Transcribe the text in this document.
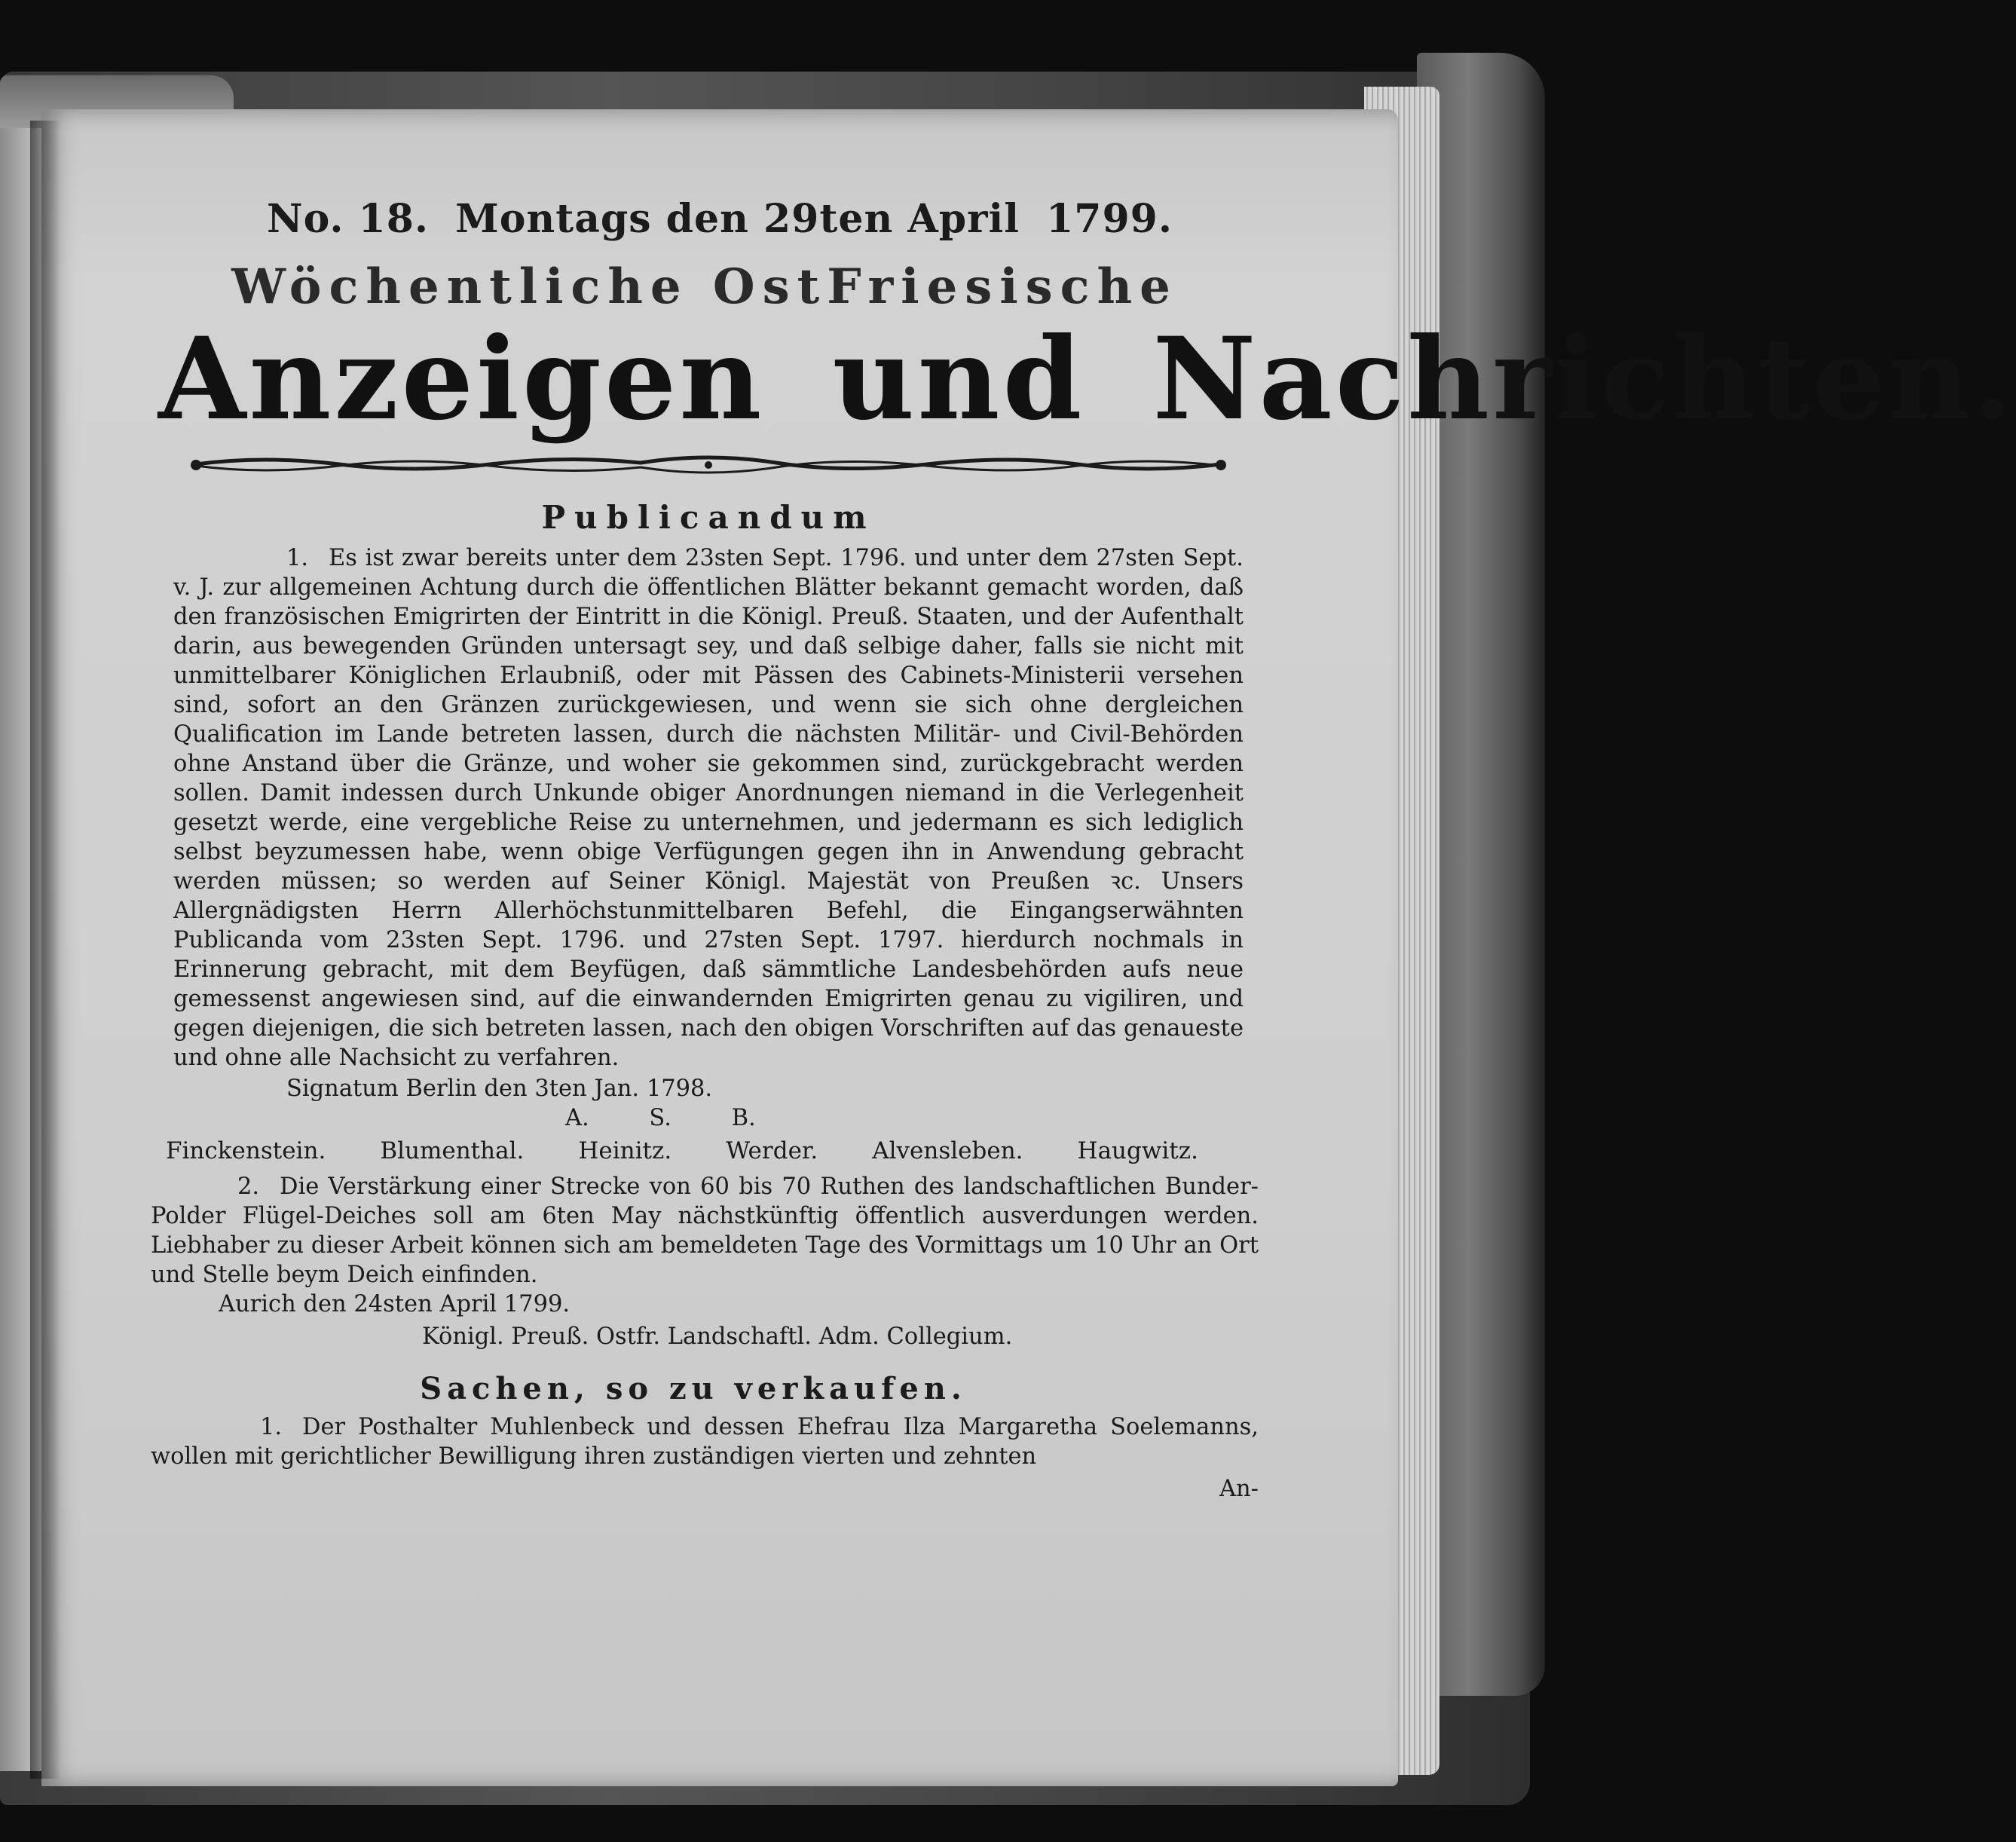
No. 18. Montags den 29ten April 1799.
Wöchentliche OstFriesische
Anzeigen und Nachrichten.
Publicandum

1. Es ist zwar bereits unter dem 23sten Sept. 1796. und unter dem 27sten Sept. v. J. zur allgemeinen Achtung durch die öffentlichen Blätter bekannt gemacht worden, daß den französischen Emigrirten der Eintritt in die Königl. Preuß. Staaten, und der Aufenthalt darin, aus bewegenden Gründen untersagt sey, und daß selbige daher, falls sie nicht mit unmittelbarer Königlichen Erlaubniß, oder mit Pässen des Cabinets-Ministerii versehen sind, sofort an den Gränzen zurückgewiesen, und wenn sie sich ohne dergleichen Qualification im Lande betreten lassen, durch die nächsten Militär- und Civil-Behörden ohne Anstand über die Gränze, und woher sie gekommen sind, zurückgebracht werden sollen. Damit indessen durch Unkunde obiger Anordnungen niemand in die Verlegenheit gesetzt werde, eine vergebliche Reise zu unternehmen, und jedermann es sich lediglich selbst beyzumessen habe, wenn obige Verfügungen gegen ihn in Anwendung gebracht werden müssen; so werden auf Seiner Königl. Majestät von Preußen ꝛc. Unsers Allergnädigsten Herrn Allerhöchstunmittelbaren Befehl, die Eingangserwähnten Publicanda vom 23sten Sept. 1796. und 27sten Sept. 1797. hierdurch nochmals in Erinnerung gebracht, mit dem Beyfügen, daß sämmtliche Landesbehörden aufs neue gemessenst angewiesen sind, auf die einwandernden Emigrirten genau zu vigiliren, und gegen diejenigen, die sich betreten lassen, nach den obigen Vorschriften auf das genaueste und ohne alle Nachsicht zu verfahren.

Signatum Berlin den 3ten Jan. 1798.
A. S. B.
Finckenstein. Blumenthal. Heinitz. Werder. Alvensleben. Haugwitz.

2. Die Verstärkung einer Strecke von 60 bis 70 Ruthen des landschaftlichen Bunder-Polder Flügel-Deiches soll am 6ten May nächstkünftig öffentlich ausverdungen werden. Liebhaber zu dieser Arbeit können sich am bemeldeten Tage des Vormittags um 10 Uhr an Ort und Stelle beym Deich einfinden.

Aurich den 24sten April 1799.
Königl. Preuß. Ostfr. Landschaftl. Adm. Collegium.
Sachen, so zu verkaufen.

1. Der Posthalter Muhlenbeck und dessen Ehefrau Ilza Margaretha Soelemanns, wollen mit gerichtlicher Bewilligung ihren zuständigen vierten und zehnten

An-
